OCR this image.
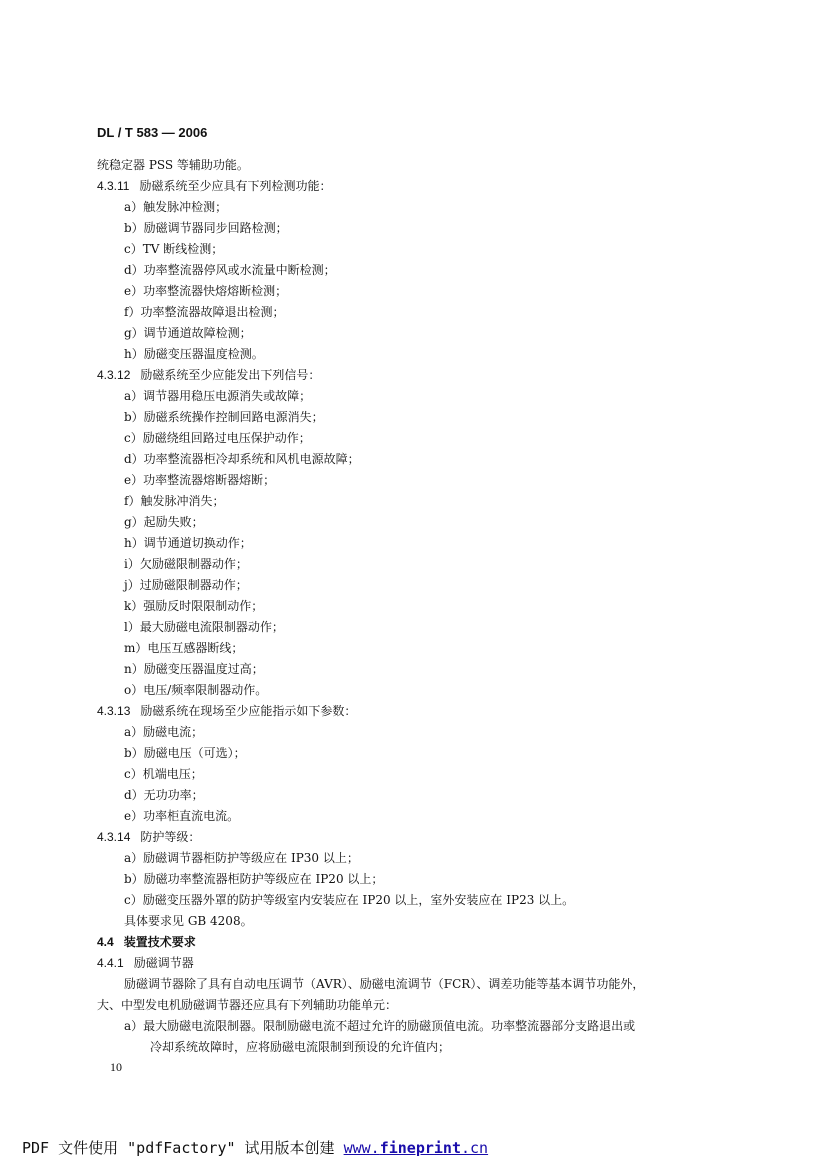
DL / T 583 — 2006
统稳定器 PSS 等辅助功能。
4.3.11 励磁系统至少应具有下列检测功能：
a）触发脉冲检测；
b）励磁调节器同步回路检测；
c）TV 断线检测；
d）功率整流器停风或水流量中断检测；
e）功率整流器快熔熔断检测；
f）功率整流器故障退出检测；
g）调节通道故障检测；
h）励磁变压器温度检测。
4.3.12 励磁系统至少应能发出下列信号：
a）调节器用稳压电源消失或故障；
b）励磁系统操作控制回路电源消失；
c）励磁绕组回路过电压保护动作；
d）功率整流器柜冷却系统和风机电源故障；
e）功率整流器熔断器熔断；
f）触发脉冲消失；
g）起励失败；
h）调节通道切换动作；
i）欠励磁限制器动作；
j）过励磁限制器动作；
k）强励反时限限制动作；
l）最大励磁电流限制器动作；
m）电压互感器断线；
n）励磁变压器温度过高；
o）电压/频率限制器动作。
4.3.13 励磁系统在现场至少应能指示如下参数：
a）励磁电流；
b）励磁电压（可选）；
c）机端电压；
d）无功功率；
e）功率柜直流电流。
4.3.14 防护等级：
a）励磁调节器柜防护等级应在 IP30 以上；
b）励磁功率整流器柜防护等级应在 IP20 以上；
c）励磁变压器外罩的防护等级室内安装应在 IP20 以上，室外安装应在 IP23 以上。
具体要求见 GB 4208。
4.4 装置技术要求
4.4.1 励磁调节器
励磁调节器除了具有自动电压调节（AVR）、励磁电流调节（FCR）、调差功能等基本调节功能外，
大、中型发电机励磁调节器还应具有下列辅助功能单元：
a）最大励磁电流限制器。限制励磁电流不超过允许的励磁顶值电流。功率整流器部分支路退出或
冷却系统故障时，应将励磁电流限制到预设的允许值内；
10
PDF 文件使用 "pdfFactory" 试用版本创建 www.fineprint.cn
